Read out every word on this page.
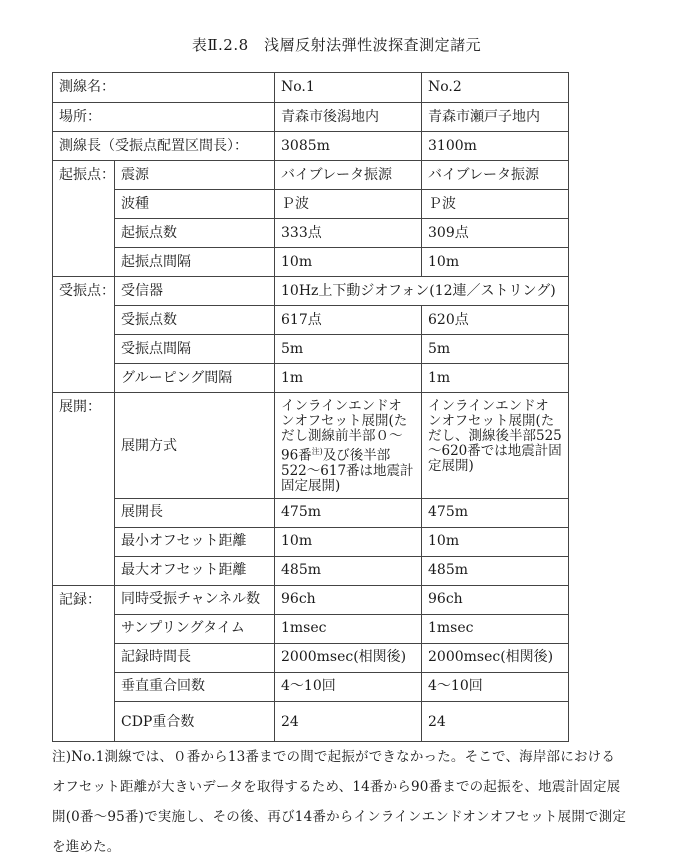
表Ⅱ.2.8　浅層反射法弾性波探査測定諸元
測線名：		No.1	No.2
場所：		青森市後潟地内	青森市瀬戸子地内
測線長（受振点配置区間長）：		3085m	3100m
起振点：	震源	バイブレータ振源	バイブレータ振源
	波種	Ｐ波	Ｐ波
	起振点数	333点	309点
	起振点間隔	10m	10m
受振点：	受信器	10Hz上下動ジオフォン(12連／ストリング)	
	受振点数	617点	620点
	受振点間隔	5m	5m
	グルーピング間隔	1m	1m
展開：	展開方式	インラインエンドオンオフセット展開(ただし測線前半部０～96番$^{注)}$及び後半部522～617番は地震計固定展開)	インラインエンドオンオフセット展開(ただし、測線後半部525～620番では地震計固定展開)
	展開長	475m	475m
	最小オフセット距離	10m	10m
	最大オフセット距離	485m	485m
記録：	同時受振チャンネル数	96ch	96ch
	サンプリングタイム	1msec	1msec
	記録時間長	2000msec(相関後)	2000msec(相関後)
	垂直重合回数	4～10回	4～10回
	CDP重合数	24	24
注)No.1測線では、０番から13番までの間で起振ができなかった。そこで、海岸部におけるオフセット距離が大きいデータを取得するため、14番から90番までの起振を、地震計固定展開(0番～95番)で実施し、その後、再び14番からインラインエンドオンオフセット展開で測定を進めた。
